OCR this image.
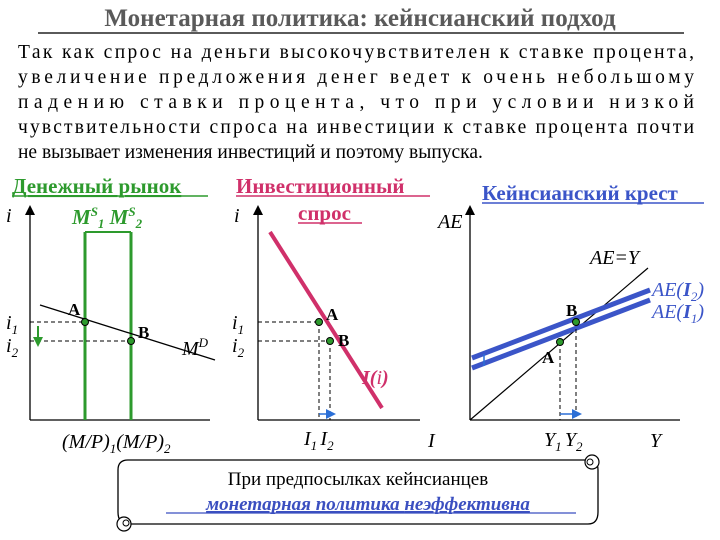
Монетарная политика: кейнсианский подход
Так как спрос на деньги высокочувствителен к ставке процента,
увеличение предложения денег ведет к очень небольшому
падению ставки процента, что при условии низкой
чувствительности спроса на инвестиции к ставке процента почти
не вызывает изменения инвестиций и поэтому выпуска.
Денежный рынок
i	$M^S_1$ $M^S_2$
$M^D$
A
B
$i_1$
$i_2$
$(M/P)_1(M/P)_2$
Инвестиционный
спрос
i
I(i)
A
B
$i_1$
$i_2$
$I_1$ $I_2$	I
Кейнсианский крест
AE
AE=Y
A
B
$AE(I_2)$
$AE(I_1)$
$Y_1$ $Y_2$	Y
При предпосылках кейнсианцев
монетарная политика неэффективна
